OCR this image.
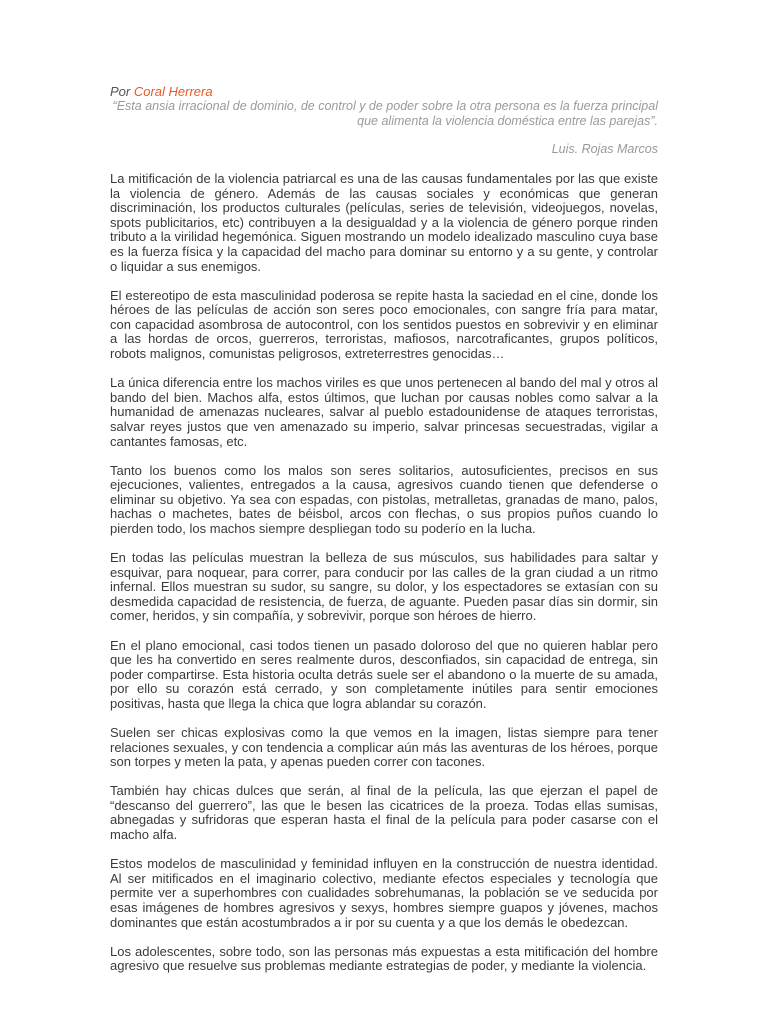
Por Coral Herrera

“Esta ansia irracional de dominio, de control y de poder sobre la otra persona es la fuerza principal que alimenta la violencia doméstica entre las parejas”.

Luis. Rojas Marcos

La mitificación de la violencia patriarcal es una de las causas fundamentales por las que existe la violencia de género. Además de las causas sociales y económicas que generan discriminación, los productos culturales (películas, series de televisión, videojuegos, novelas, spots publicitarios, etc) contribuyen a la desigualdad y a la violencia de género porque rinden tributo a la virilidad hegemónica. Siguen mostrando un modelo idealizado masculino cuya base es la fuerza física y la capacidad del macho para dominar su entorno y a su gente, y controlar o liquidar a sus enemigos.

El estereotipo de esta masculinidad poderosa se repite hasta la saciedad en el cine, donde los héroes de las películas de acción son seres poco emocionales, con sangre fría para matar, con capacidad asombrosa de autocontrol, con los sentidos puestos en sobrevivir y en eliminar a las hordas de orcos, guerreros, terroristas, mafiosos, narcotraficantes, grupos políticos, robots malignos, comunistas peligrosos, extreterrestres genocidas…

La única diferencia entre los machos viriles es que unos pertenecen al bando del mal y otros al bando del bien. Machos alfa, estos últimos, que luchan por causas nobles como salvar a la humanidad de amenazas nucleares, salvar al pueblo estadounidense de ataques terroristas, salvar reyes justos que ven amenazado su imperio, salvar princesas secuestradas, vigilar a cantantes famosas, etc.

Tanto los buenos como los malos son seres solitarios, autosuficientes, precisos en sus ejecuciones, valientes, entregados a la causa, agresivos cuando tienen que defenderse o eliminar su objetivo. Ya sea con espadas, con pistolas, metralletas, granadas de mano, palos, hachas o machetes, bates de béisbol, arcos con flechas, o sus propios puños cuando lo pierden todo, los machos siempre despliegan todo su poderío en la lucha.

En todas las películas muestran la belleza de sus músculos, sus habilidades para saltar y esquivar, para noquear, para correr, para conducir por las calles de la gran ciudad a un ritmo infernal. Ellos muestran su sudor, su sangre, su dolor, y los espectadores se extasían con su desmedida capacidad de resistencia, de fuerza, de aguante. Pueden pasar días sin dormir, sin comer, heridos, y sin compañía, y sobrevivir, porque son héroes de hierro.

En el plano emocional, casi todos tienen un pasado doloroso del que no quieren hablar pero que les ha convertido en seres realmente duros, desconfiados, sin capacidad de entrega, sin poder compartirse. Esta historia oculta detrás suele ser el abandono o la muerte de su amada, por ello su corazón está cerrado, y son completamente inútiles para sentir emociones positivas, hasta que llega la chica que logra ablandar su corazón.

Suelen ser chicas explosivas como la que vemos en la imagen, listas siempre para tener relaciones sexuales, y con tendencia a complicar aún más las aventuras de los héroes, porque son torpes y meten la pata, y apenas pueden correr con tacones.

También hay chicas dulces que serán, al final de la película, las que ejerzan el papel de “descanso del guerrero”, las que le besen las cicatrices de la proeza. Todas ellas sumisas, abnegadas y sufridoras que esperan hasta el final de la película para poder casarse con el macho alfa.

Estos modelos de masculinidad y feminidad influyen en la construcción de nuestra identidad. Al ser mitificados en el imaginario colectivo, mediante efectos especiales y tecnología que permite ver a superhombres con cualidades sobrehumanas, la población se ve seducida por esas imágenes de hombres agresivos y sexys, hombres siempre guapos y jóvenes, machos dominantes que están acostumbrados a ir por su cuenta y a que los demás le obedezcan.

Los adolescentes, sobre todo, son las personas más expuestas a esta mitificación del hombre agresivo que resuelve sus problemas mediante estrategias de poder, y mediante la violencia.
